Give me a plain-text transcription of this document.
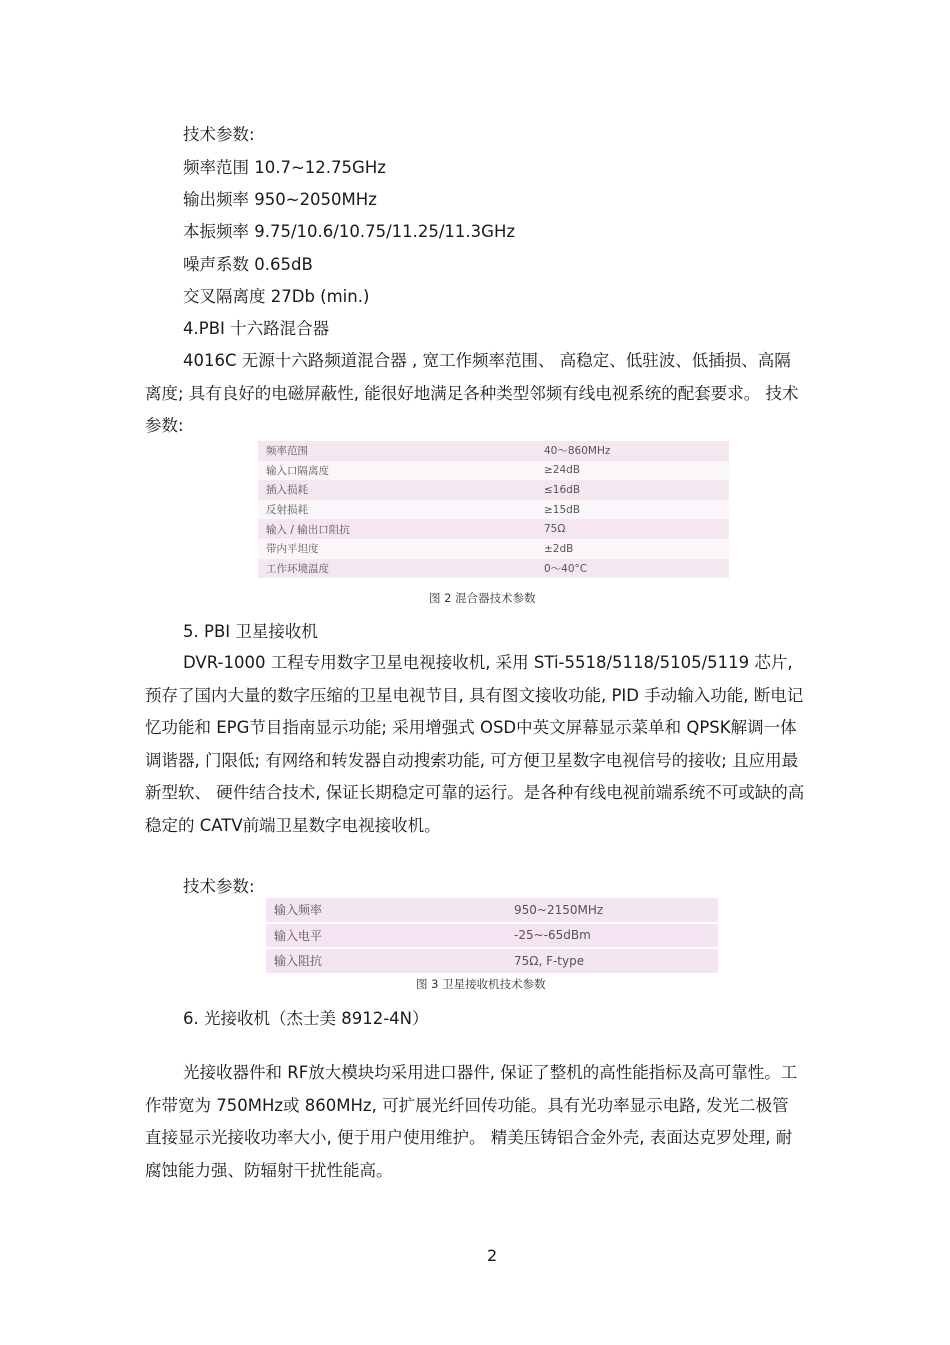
技术参数:
频率范围 10.7~12.75GHz
输出频率 950~2050MHz
本振频率 9.75/10.6/10.75/11.25/11.3GHz
噪声系数 0.65dB
交叉隔离度 27Db (min.)
4.PBI 十六路混合器
4016C 无源十六路频道混合器 , 宽工作频率范围、 高稳定、低驻波、低插损、高隔离度; 具有良好的电磁屏蔽性, 能很好地满足各种类型邻频有线电视系统的配套要求。 技术参数:
频率范围	40～860MHz
输入口隔离度	≥24dB
插入损耗	≤16dB
反射损耗	≥15dB
输入 / 输出口阻抗	75Ω
带内平坦度	±2dB
工作环境温度	0～40°C
图 2 混合器技术参数
5. PBI 卫星接收机
DVR-1000 工程专用数字卫星电视接收机, 采用 STi-5518/5118/5105/5119 芯片, 预存了国内大量的数字压缩的卫星电视节目, 具有图文接收功能, PID 手动输入功能, 断电记忆功能和 EPG节目指南显示功能; 采用增强式 OSD中英文屏幕显示菜单和 QPSK解调一体调谐器, 门限低; 有网络和转发器自动搜索功能, 可方便卫星数字电视信号的接收; 且应用最新型软、 硬件结合技术, 保证长期稳定可靠的运行。是各种有线电视前端系统不可或缺的高稳定的 CATV前端卫星数字电视接收机。
技术参数:
输入频率	950~2150MHz
输入电平	-25~-65dBm
输入阻抗	75Ω, F-type
图 3 卫星接收机技术参数
6. 光接收机（杰士美 8912-4N）
光接收器件和 RF放大模块均采用进口器件, 保证了整机的高性能指标及高可靠性。工作带宽为 750MHz或 860MHz, 可扩展光纤回传功能。具有光功率显示电路, 发光二极管直接显示光接收功率大小, 便于用户使用维护。 精美压铸铝合金外壳, 表面达克罗处理, 耐腐蚀能力强、防辐射干扰性能高。
2
